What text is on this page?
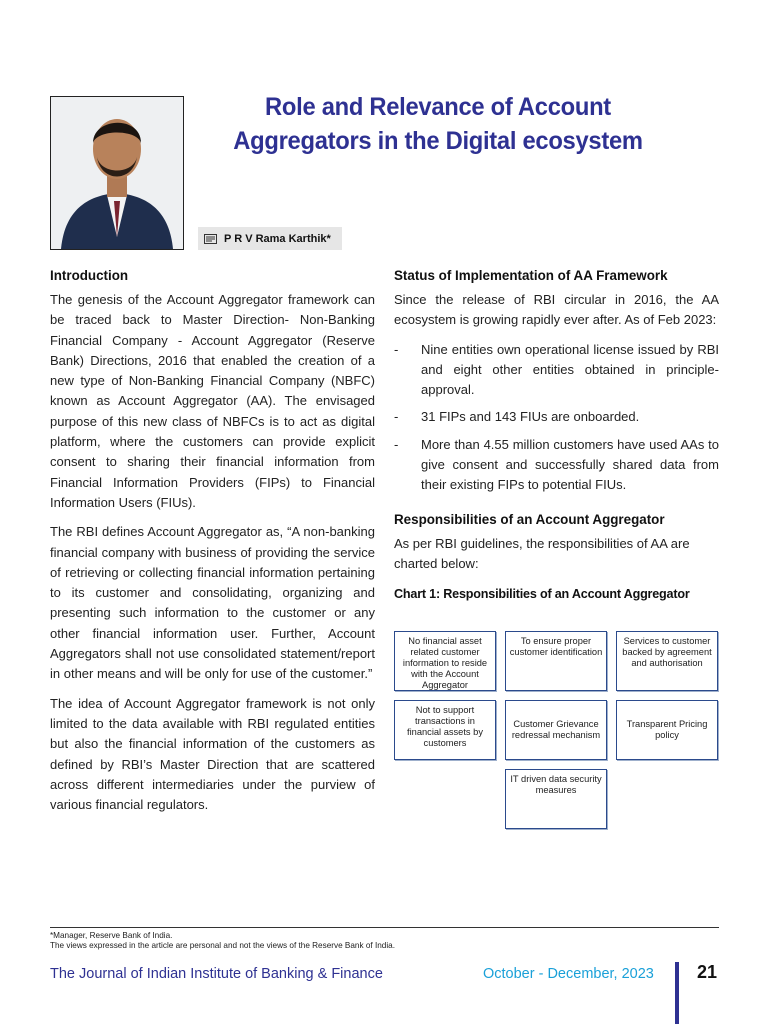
Role and Relevance of Account
Aggregators in the Digital ecosystem
P R V Rama Karthik*
Introduction

The genesis of the Account Aggregator framework can be traced back to Master Direction- Non-Banking Financial Company - Account Aggregator (Reserve Bank) Directions, 2016 that enabled the creation of a new type of Non-Banking Financial Company (NBFC) known as Account Aggregator (AA). The envisaged purpose of this new class of NBFCs is to act as digital platform, where the customers can provide explicit consent to sharing their financial information from Financial Information Providers (FIPs) to Financial Information Users (FIUs).

The RBI defines Account Aggregator as, “A non-banking financial company with business of providing the service of retrieving or collecting financial information pertaining to its customer and consolidating, organizing and presenting such information to the customer or any other financial information user. Further, Account Aggregators shall not use consolidated statement/report in other means and will be only for use of the customer.”

The idea of Account Aggregator framework is not only limited to the data available with RBI regulated entities but also the financial information of the customers as defined by RBI’s Master Direction that are scattered across different intermediaries under the purview of various financial regulators.

Status of Implementation of AA Framework

Since the release of RBI circular in 2016, the AA ecosystem is growing rapidly ever after. As of Feb 2023:

- Nine entities own operational license issued by RBI and eight other entities obtained in principle-approval.
- 31 FIPs and 143 FIUs are onboarded.
- More than 4.55 million customers have used AAs to give consent and successfully shared data from their existing FIPs to potential FIUs.
Responsibilities of an Account Aggregator

As per RBI guidelines, the responsibilities of AA are charted below:

Chart 1: Responsibilities of an Account Aggregator
No financial asset related customer information to reside with the Account Aggregator
To ensure proper customer identification
Services to customer backed by agreement and authorisation
Not to support transactions in financial assets by customers
Customer Grievance redressal mechanism
Transparent Pricing policy
IT driven data security measures
*Manager, Reserve Bank of India.
The views expressed in the article are personal and not the views of the Reserve Bank of India.
The Journal of Indian Institute of Banking & Finance	October - December, 2023 21
